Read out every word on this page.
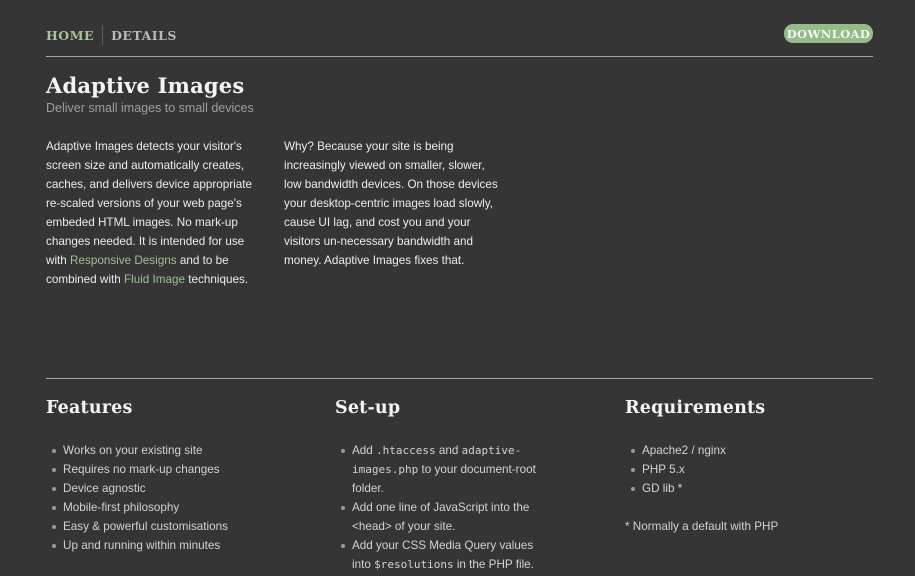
HOME	DETAILS	DOWNLOAD
Adaptive Images
Deliver small images to small devices

Adaptive Images detects your visitor's screen size and automatically creates, caches, and delivers device appropriate re-scaled versions of your web page's embeded HTML images. No mark-up changes needed. It is intended for use with Responsive Designs and to be combined with Fluid Image techniques.

Why? Because your site is being increasingly viewed on smaller, slower, low bandwidth devices. On those devices your desktop-centric images load slowly, cause UI lag, and cost you and your visitors un-necessary bandwidth and money. Adaptive Images fixes that.

Features
Works on your existing site
Requires no mark-up changes
Device agnostic
Mobile-first philosophy
Easy & powerful customisations
Up and running within minutes
Set-up
Add .htaccess and adaptive-images.php to your document-root folder.
Add one line of JavaScript into the <head> of your site.
Add your CSS Media Query values into $resolutions in the PHP file.
Requirements
Apache2 / nginx
PHP 5.x
GD lib *
* Normally a default with PHP
